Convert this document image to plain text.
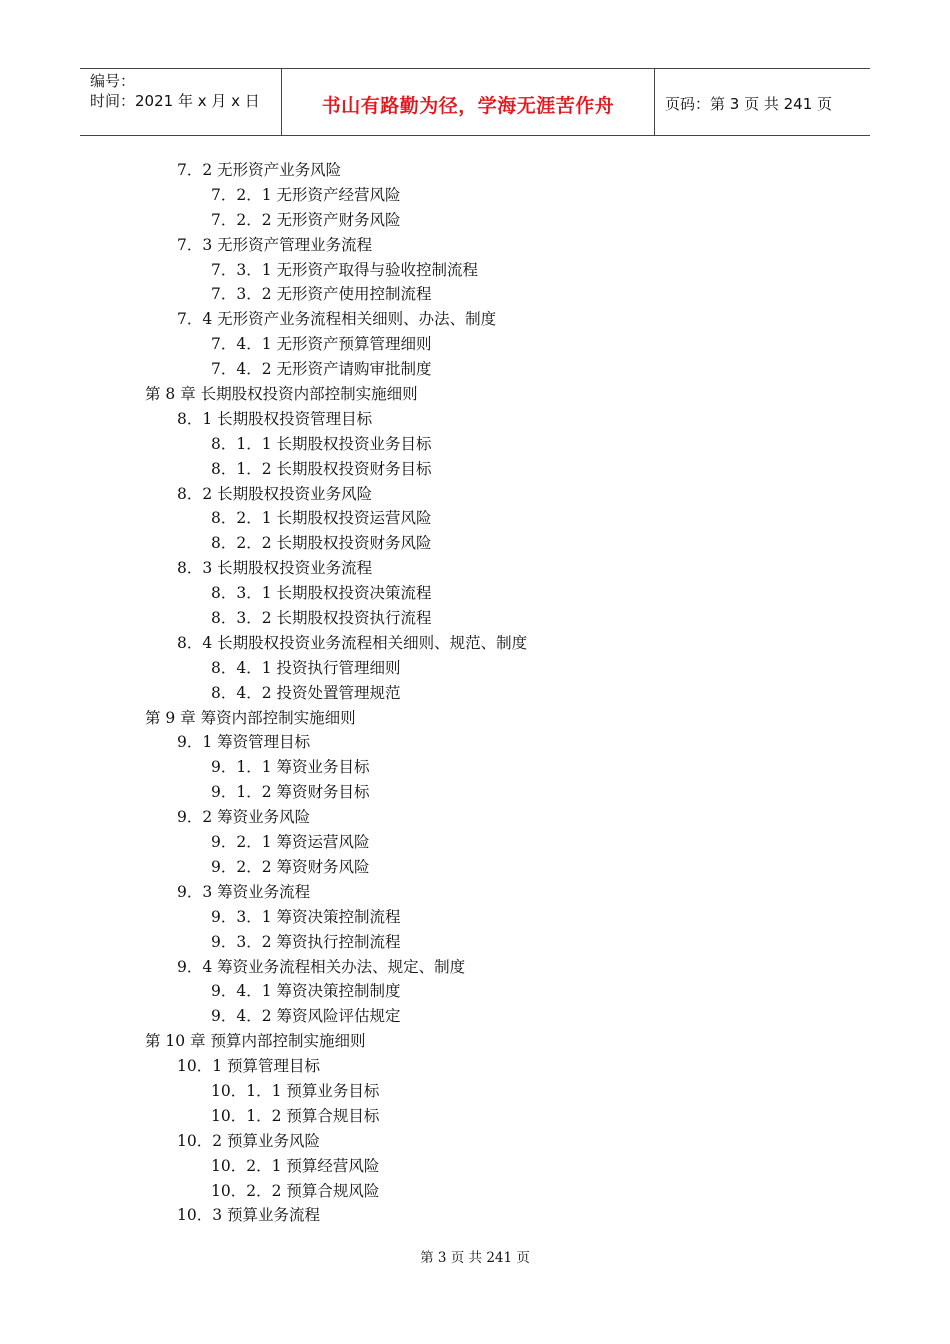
编号：
时间：2021 年 x 月 x 日	书山有路勤为径，学海无涯苦作舟	页码：第 3 页 共 241 页
7．2 无形资产业务风险
7．2．1 无形资产经营风险
7．2．2 无形资产财务风险
7．3 无形资产管理业务流程
7．3．1 无形资产取得与验收控制流程
7．3．2 无形资产使用控制流程
7．4 无形资产业务流程相关细则、办法、制度
7．4．1 无形资产预算管理细则
7．4．2 无形资产请购审批制度
第 8 章 长期股权投资内部控制实施细则
8．1 长期股权投资管理目标
8．1．1 长期股权投资业务目标
8．1．2 长期股权投资财务目标
8．2 长期股权投资业务风险
8．2．1 长期股权投资运营风险
8．2．2 长期股权投资财务风险
8．3 长期股权投资业务流程
8．3．1 长期股权投资决策流程
8．3．2 长期股权投资执行流程
8．4 长期股权投资业务流程相关细则、规范、制度
8．4．1 投资执行管理细则
8．4．2 投资处置管理规范
第 9 章 筹资内部控制实施细则
9．1 筹资管理目标
9．1．1 筹资业务目标
9．1．2 筹资财务目标
9．2 筹资业务风险
9．2．1 筹资运营风险
9．2．2 筹资财务风险
9．3 筹资业务流程
9．3．1 筹资决策控制流程
9．3．2 筹资执行控制流程
9．4 筹资业务流程相关办法、规定、制度
9．4．1 筹资决策控制制度
9．4．2 筹资风险评估规定
第 10 章 预算内部控制实施细则
10．1 预算管理目标
10．1．1 预算业务目标
10．1．2 预算合规目标
10．2 预算业务风险
10．2．1 预算经营风险
10．2．2 预算合规风险
10．3 预算业务流程
第 3 页 共 241 页
